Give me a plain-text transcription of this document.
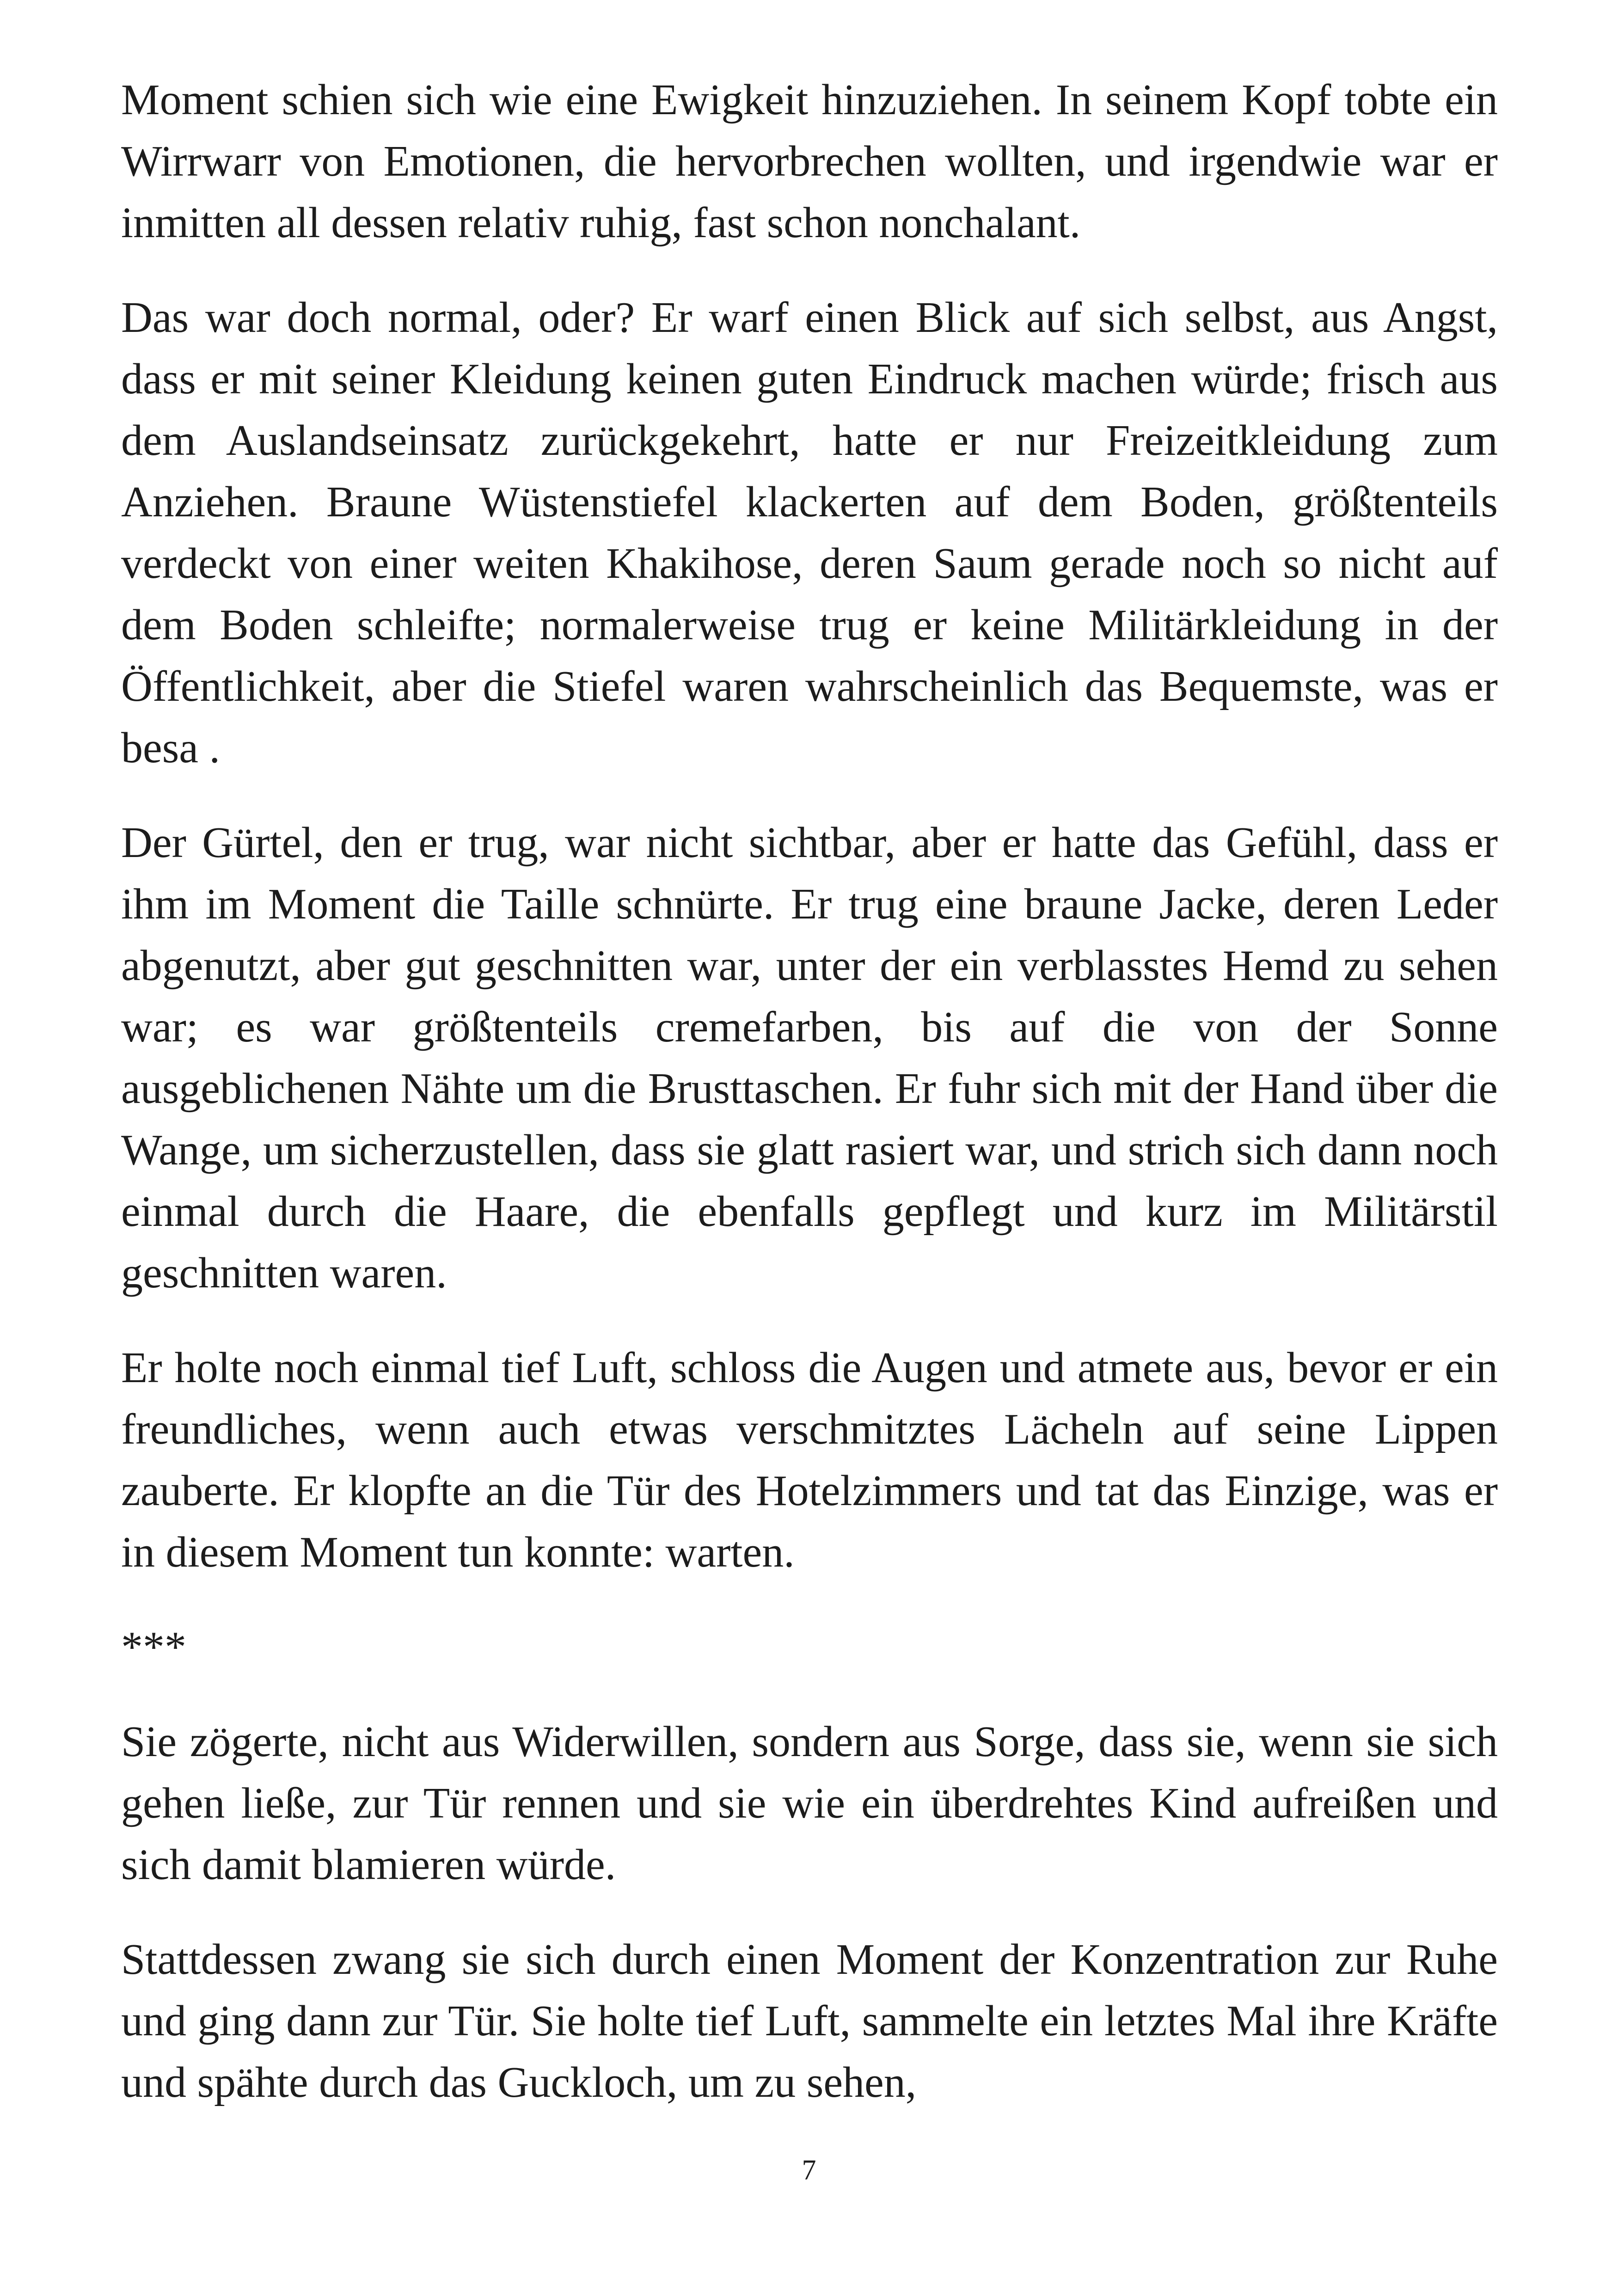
Moment schien sich wie eine Ewigkeit hinzuziehen. In seinem Kopf tobte ein Wirrwarr von Emotionen, die hervorbrechen wollten, und irgendwie war er inmitten all dessen relativ ruhig, fast schon nonchalant.

Das war doch normal, oder? Er warf einen Blick auf sich selbst, aus Angst, dass er mit seiner Kleidung keinen guten Eindruck machen würde; frisch aus dem Auslandseinsatz zurückgekehrt, hatte er nur Freizeitkleidung zum Anziehen. Braune Wüstenstiefel klackerten auf dem Boden, größtenteils verdeckt von einer weiten Khakihose, deren Saum gerade noch so nicht auf dem Boden schleifte; normalerweise trug er keine Militärkleidung in der Öffentlichkeit, aber die Stiefel waren wahrscheinlich das Bequemste, was er besa .

Der Gürtel, den er trug, war nicht sichtbar, aber er hatte das Gefühl, dass er ihm im Moment die Taille schnürte. Er trug eine braune Jacke, deren Leder abgenutzt, aber gut geschnitten war, unter der ein verblasstes Hemd zu sehen war; es war größtenteils cremefarben, bis auf die von der Sonne ausgeblichenen Nähte um die Brusttaschen. Er fuhr sich mit der Hand über die Wange, um sicherzustellen, dass sie glatt rasiert war, und strich sich dann noch einmal durch die Haare, die ebenfalls gepflegt und kurz im Militärstil geschnitten waren.

Er holte noch einmal tief Luft, schloss die Augen und atmete aus, bevor er ein freundliches, wenn auch etwas verschmitztes Lächeln auf seine Lippen zauberte. Er klopfte an die Tür des Hotelzimmers und tat das Einzige, was er in diesem Moment tun konnte: warten.

***

Sie zögerte, nicht aus Widerwillen, sondern aus Sorge, dass sie, wenn sie sich gehen ließe, zur Tür rennen und sie wie ein überdrehtes Kind aufreißen und sich damit blamieren würde.

Stattdessen zwang sie sich durch einen Moment der Konzentration zur Ruhe und ging dann zur Tür. Sie holte tief Luft, sammelte ein letztes Mal ihre Kräfte und spähte durch das Guckloch, um zu sehen,

7
